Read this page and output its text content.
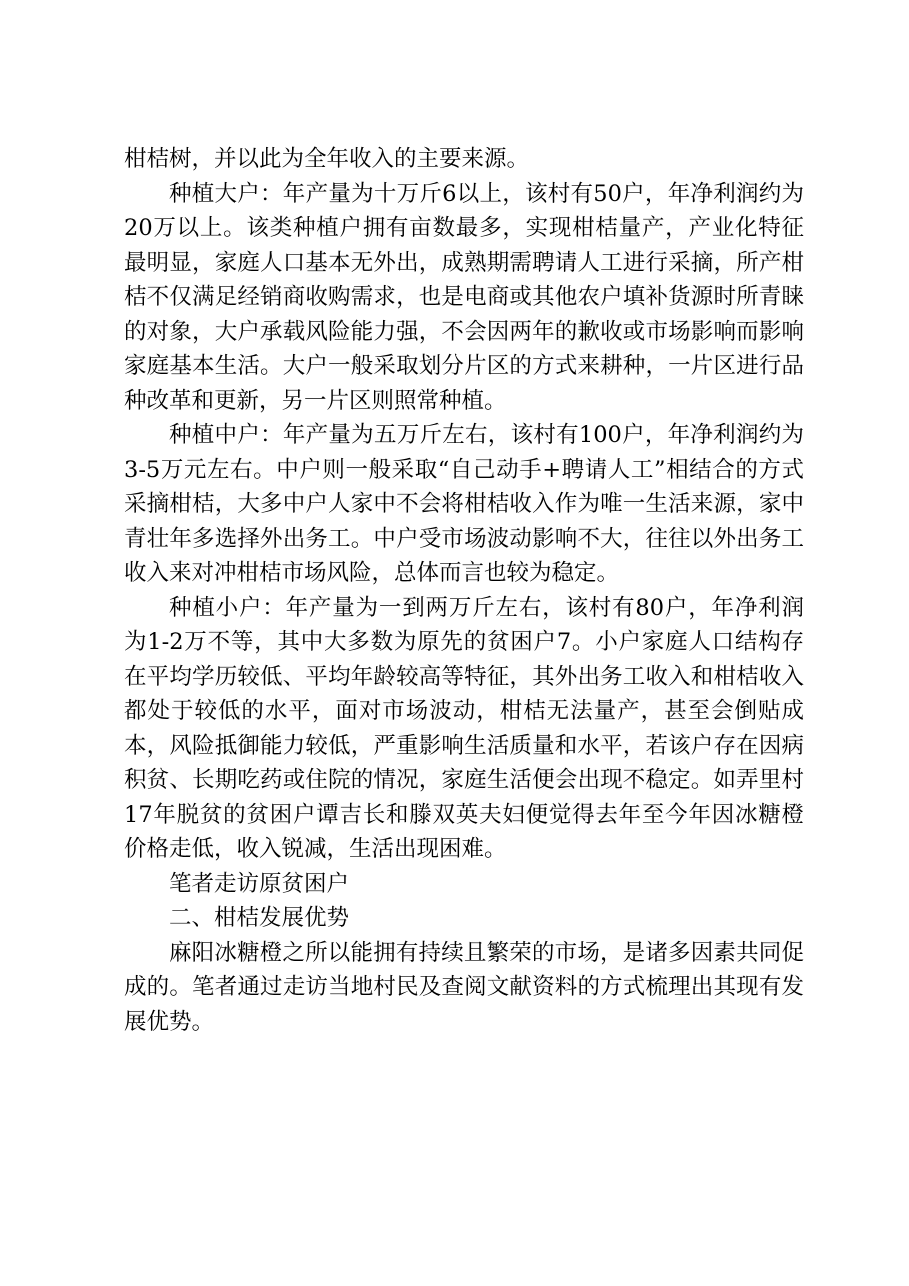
柑桔树，并以此为全年收入的主要来源。

种植大户：年产量为十万斤6以上，该村有50户，年净利润约为20万以上。该类种植户拥有亩数最多，实现柑桔量产，产业化特征最明显，家庭人口基本无外出，成熟期需聘请人工进行采摘，所产柑桔不仅满足经销商收购需求，也是电商或其他农户填补货源时所青睐的对象，大户承载风险能力强，不会因两年的歉收或市场影响而影响家庭基本生活。大户一般采取划分片区的方式来耕种，一片区进行品种改革和更新，另一片区则照常种植。

种植中户：年产量为五万斤左右，该村有100户，年净利润约为3-5万元左右。中户则一般采取“自己动手+聘请人工”相结合的方式采摘柑桔，大多中户人家中不会将柑桔收入作为唯一生活来源，家中青壮年多选择外出务工。中户受市场波动影响不大，往往以外出务工收入来对冲柑桔市场风险，总体而言也较为稳定。

种植小户：年产量为一到两万斤左右，该村有80户，年净利润为1-2万不等，其中大多数为原先的贫困户7。小户家庭人口结构存在平均学历较低、平均年龄较高等特征，其外出务工收入和柑桔收入都处于较低的水平，面对市场波动，柑桔无法量产，甚至会倒贴成本，风险抵御能力较低，严重影响生活质量和水平，若该户存在因病积贫、长期吃药或住院的情况，家庭生活便会出现不稳定。如弄里村17年脱贫的贫困户谭吉长和滕双英夫妇便觉得去年至今年因冰糖橙价格走低，收入锐减，生活出现困难。

笔者走访原贫困户

二、柑桔发展优势

麻阳冰糖橙之所以能拥有持续且繁荣的市场，是诸多因素共同促成的。笔者通过走访当地村民及查阅文献资料的方式梳理出其现有发展优势。
